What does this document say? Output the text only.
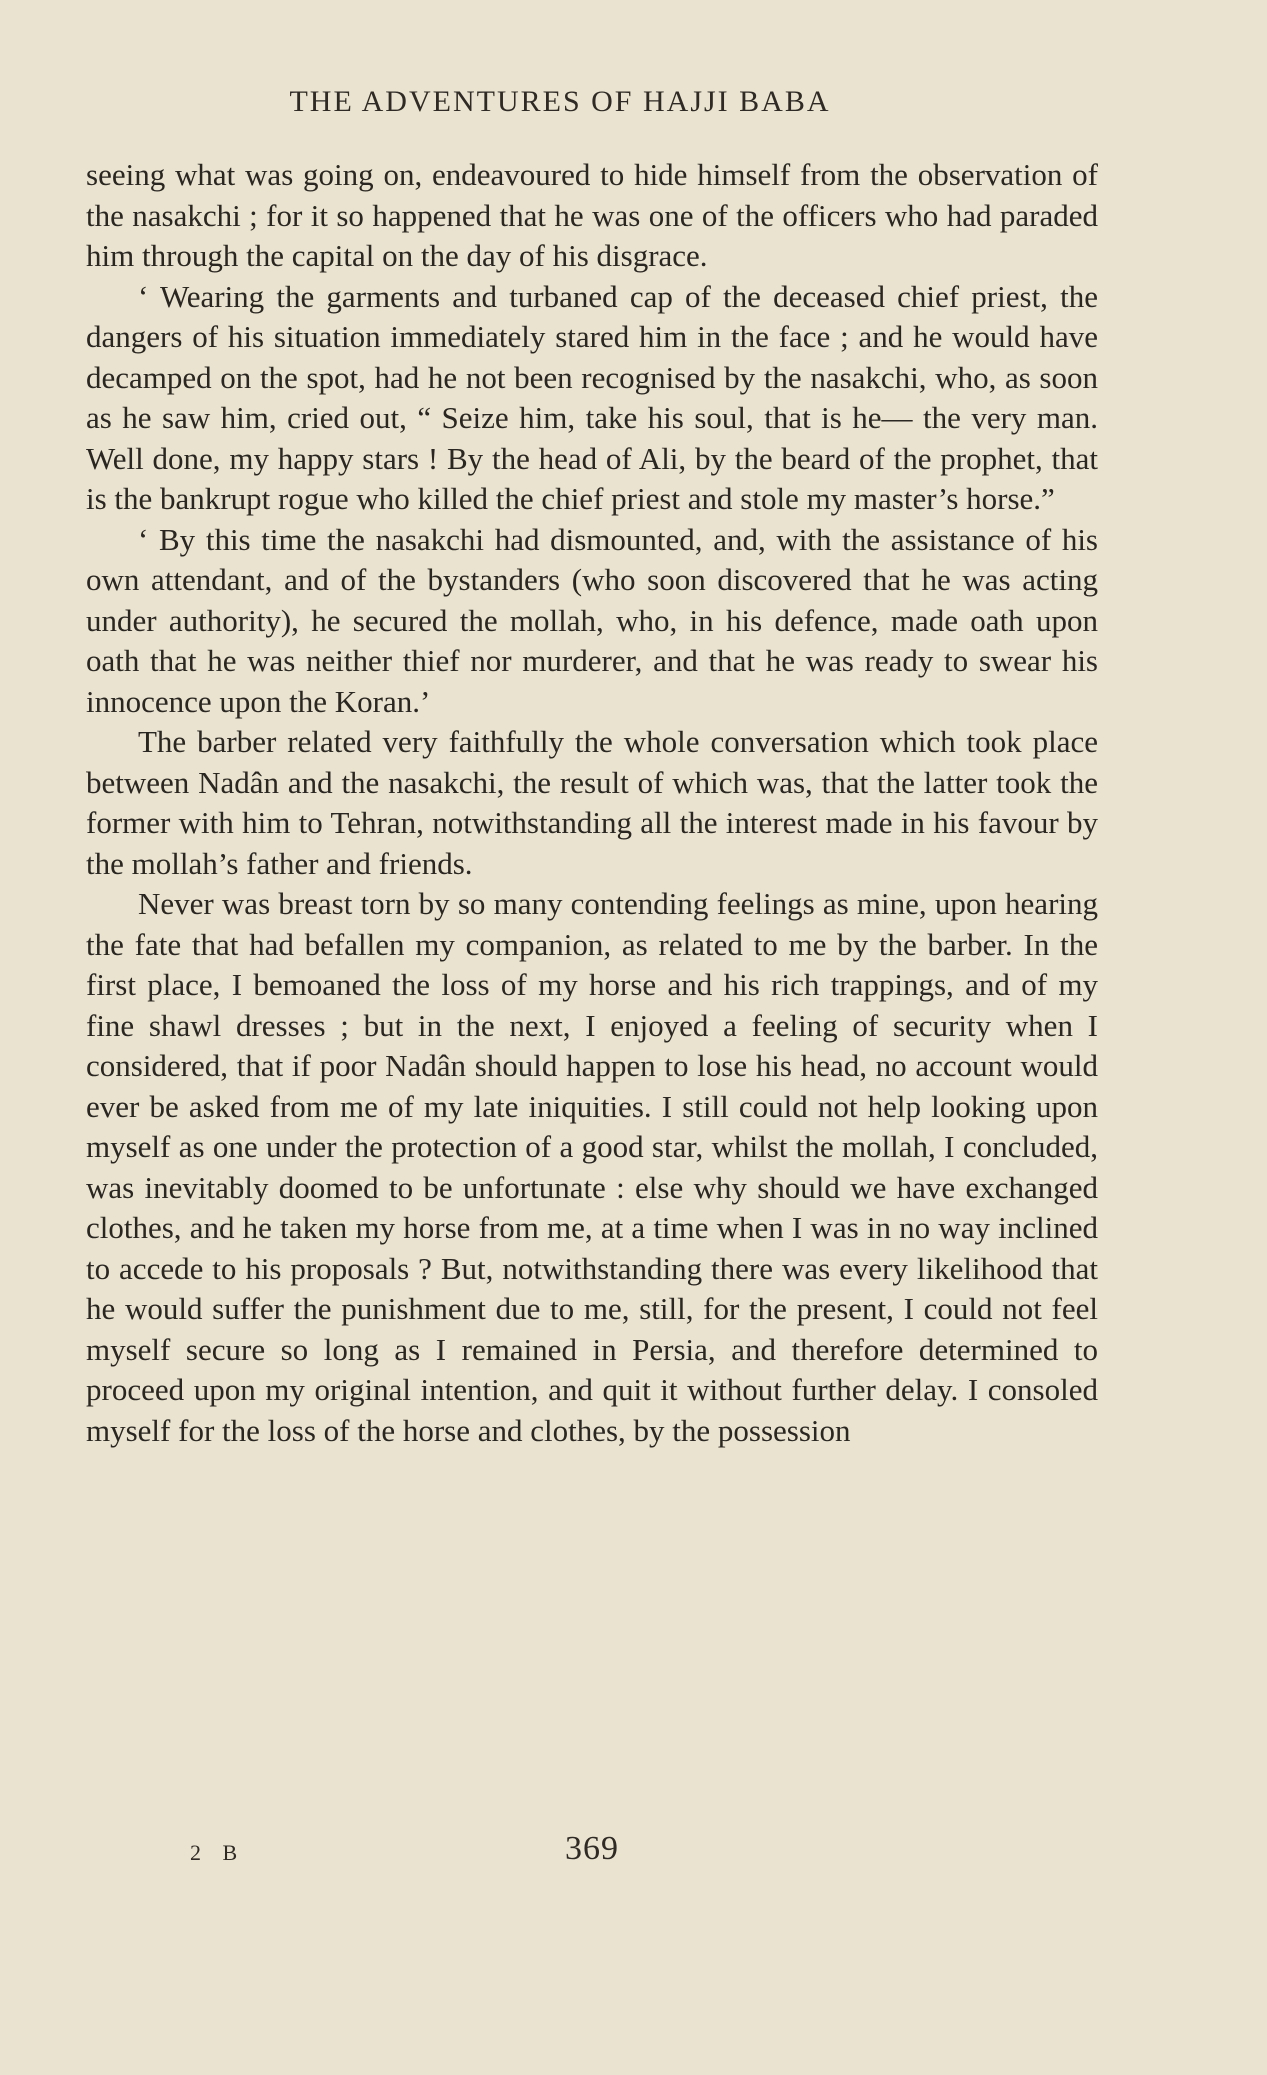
THE ADVENTURES OF HAJJI BABA

seeing what was going on, endeavoured to hide himself from the observation of the nasakchi ; for it so happened that he was one of the officers who had paraded him through the capital on the day of his disgrace.

‘ Wearing the garments and turbaned cap of the deceased chief priest, the dangers of his situation immediately stared him in the face ; and he would have decamped on the spot, had he not been recognised by the nasakchi, who, as soon as he saw him, cried out, “ Seize him, take his soul, that is he— the very man. Well done, my happy stars ! By the head of Ali, by the beard of the prophet, that is the bankrupt rogue who killed the chief priest and stole my master’s horse.”

‘ By this time the nasakchi had dismounted, and, with the assistance of his own attendant, and of the bystanders (who soon discovered that he was acting under authority), he secured the mollah, who, in his defence, made oath upon oath that he was neither thief nor murderer, and that he was ready to swear his innocence upon the Koran.’

The barber related very faithfully the whole conversation which took place between Nadân and the nasakchi, the result of which was, that the latter took the former with him to Tehran, notwithstanding all the interest made in his favour by the mollah’s father and friends.

Never was breast torn by so many contending feelings as mine, upon hearing the fate that had befallen my companion, as related to me by the barber. In the first place, I bemoaned the loss of my horse and his rich trappings, and of my fine shawl dresses ; but in the next, I enjoyed a feeling of security when I considered, that if poor Nadân should happen to lose his head, no account would ever be asked from me of my late iniquities. I still could not help looking upon myself as one under the protection of a good star, whilst the mollah, I concluded, was inevitably doomed to be unfortunate : else why should we have exchanged clothes, and he taken my horse from me, at a time when I was in no way inclined to accede to his proposals ? But, notwithstanding there was every likelihood that he would suffer the punishment due to me, still, for the present, I could not feel myself secure so long as I remained in Persia, and therefore determined to proceed upon my original intention, and quit it without further delay. I consoled myself for the loss of the horse and clothes, by the possession

2 B	369
